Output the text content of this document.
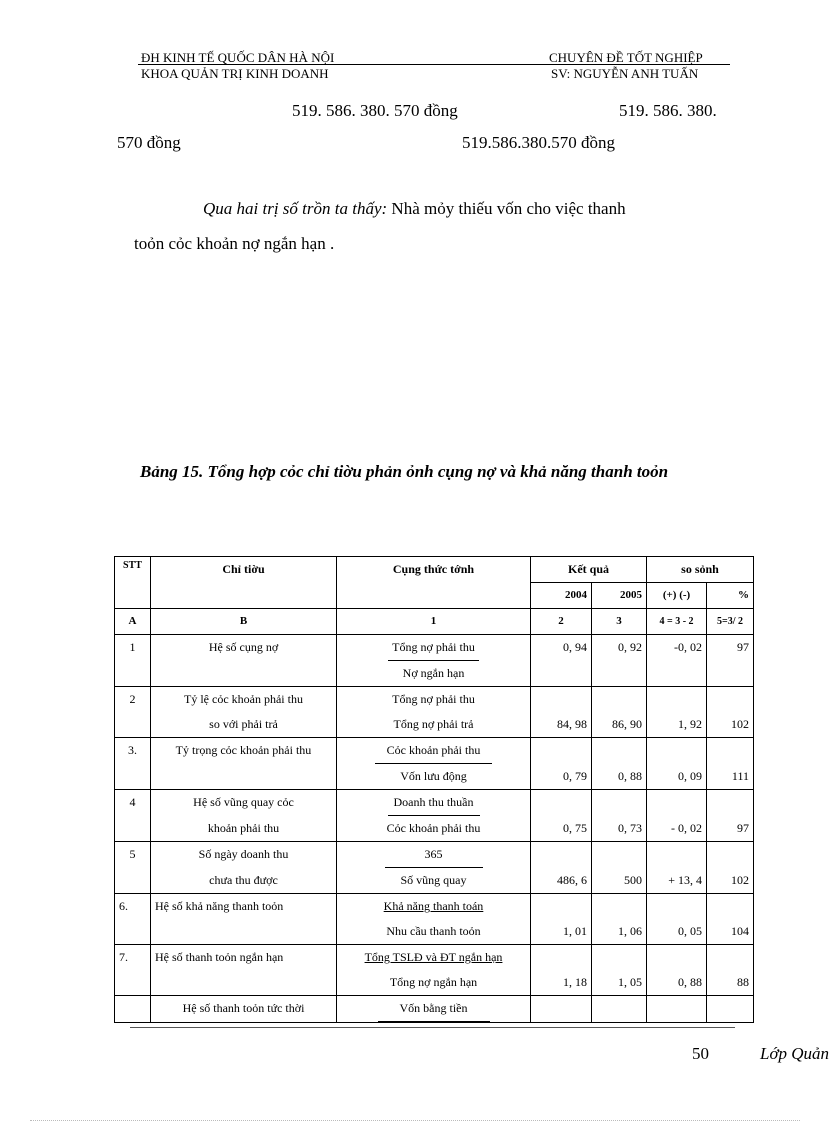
ĐH KINH TẾ QUỐC DÂN HÀ NỘI	CHUYÊN ĐỀ TỐT NGHIỆP
KHOA QUẢN TRỊ KINH DOANH	SV: NGUYỄN ANH TUẤN
519. 586. 380. 570 đồng	519. 586. 380.
570 đồng	519.586.380.570 đồng
Qua hai trị số trồn ta thấy: Nhà mỏy thiếu vốn cho việc thanh
toỏn cỏc khoản nợ ngắn hạn .
Bảng 15. Tổng hợp cỏc chỉ tiờu phản ỏnh cụng nợ và khả năng thanh toỏn
STT	Chỉ tiờu	Cụng thức tớnh	Kết quả		so sỏnh	
			2004	2005	(+) (-)	%
A	B	1	2	3	4 = 3 - 2	5=3/ 2
1	Hệ số cụng nợ	Tổng nợ phải thu	0, 94	0, 92	-0, 02	97
		Nợ ngắn hạn				
2	Tỷ lệ cỏc khoản phải thu	Tổng nợ phải thu				
	so với phải trả	Tổng nợ phải trả	84, 98	86, 90	1, 92	102
3.	Tỷ trọng cỏc khoản phải thu	Cỏc khoản phải thu				
		Vốn lưu động	0, 79	0, 88	0, 09	111
4	Hệ số vũng quay cỏc	Doanh thu thuần				
	khoản phải thu	Cỏc khoản phải thu	0, 75	0, 73	- 0, 02	97
5	Số ngày doanh thu	365				
	chưa thu được	Số vũng quay	486, 6	500	+ 13, 4	102
6.	Hệ số khả năng thanh toỏn	Khả năng thanh toán				
		Nhu cầu thanh toỏn	1, 01	1, 06	0, 05	104
7.	Hệ số thanh toỏn ngắn hạn	Tổng TSLĐ và ĐT ngắn hạn				
		Tổng nợ ngắn hạn	1, 18	1, 05	0, 88	88
	Hệ số thanh toỏn tức thời	Vốn bằng tiền				
50	Lớp Quản
